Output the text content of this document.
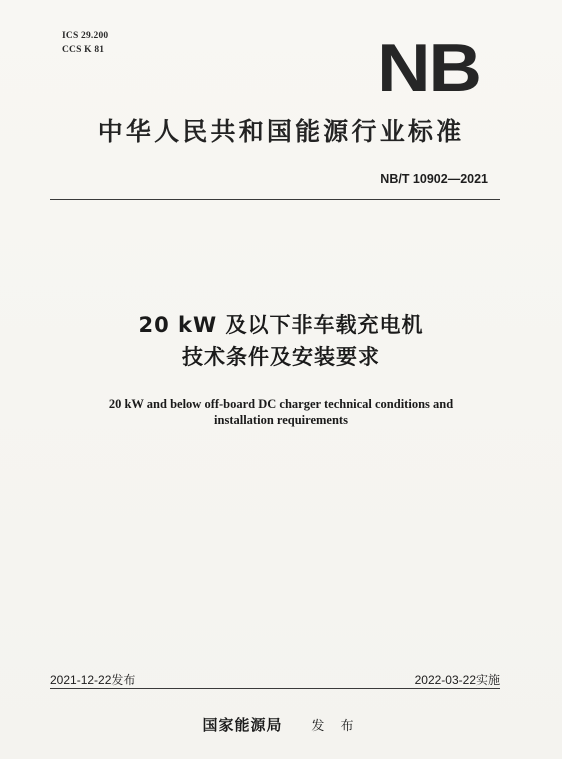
ICS 29.200
CCS K 81	NB
中华人民共和国能源行业标准
NB/T 10902—2021
20 kW 及以下非车载充电机
技术条件及安装要求
20 kW and below off-board DC charger technical conditions and
installation requirements
2021-12-22发布	2022-03-22实施
国家能源局 发 布
